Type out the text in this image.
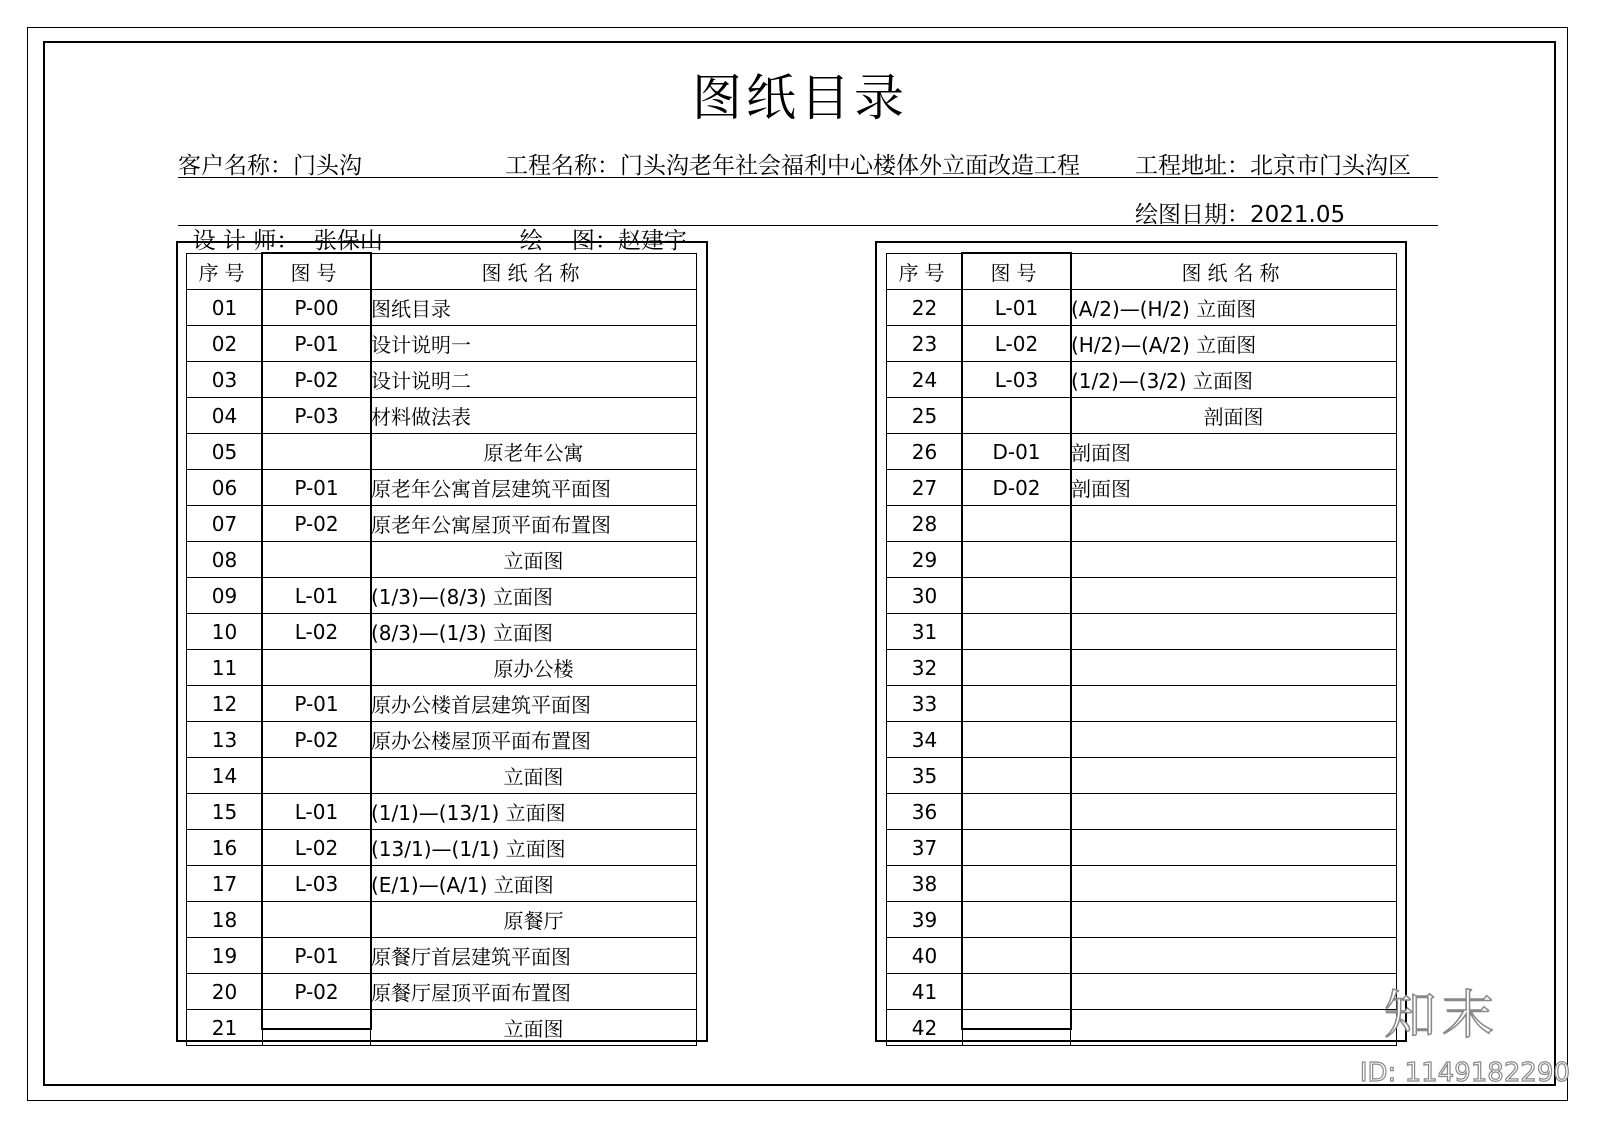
图纸目录
客户名称：门头沟	工程名称：门头沟老年社会福利中心楼体外立面改造工程 工程地址：北京市门头沟区

设 计 师： 张保山	绘    图：赵建宇

绘图日期：2021.05
序号	图号	图纸名称
01	P-00	图纸目录
02	P-01	设计说明一
03	P-02	设计说明二
04	P-03	材料做法表
05		原老年公寓
06	P-01	原老年公寓首层建筑平面图
07	P-02	原老年公寓屋顶平面布置图
08		立面图
09	L-01	(1/3)—(8/3) 立面图
10	L-02	(8/3)—(1/3) 立面图
11		原办公楼
12	P-01	原办公楼首层建筑平面图
13	P-02	原办公楼屋顶平面布置图
14		立面图
15	L-01	(1/1)—(13/1) 立面图
16	L-02	(13/1)—(1/1) 立面图
17	L-03	(E/1)—(A/1) 立面图
18		原餐厅
19	P-01	原餐厅首层建筑平面图
20	P-02	原餐厅屋顶平面布置图
21		立面图
序号	图号	图纸名称
22	L-01	(A/2)—(H/2) 立面图
23	L-02	(H/2)—(A/2) 立面图
24	L-03	(1/2)—(3/2) 立面图
25		剖面图
26	D-01	剖面图
27	D-02	剖面图
28		
29		
30		
31		
32		
33		
34		
35		
36		
37		
38		
39		
40		
41		
42			知末
ID: 1149182290
